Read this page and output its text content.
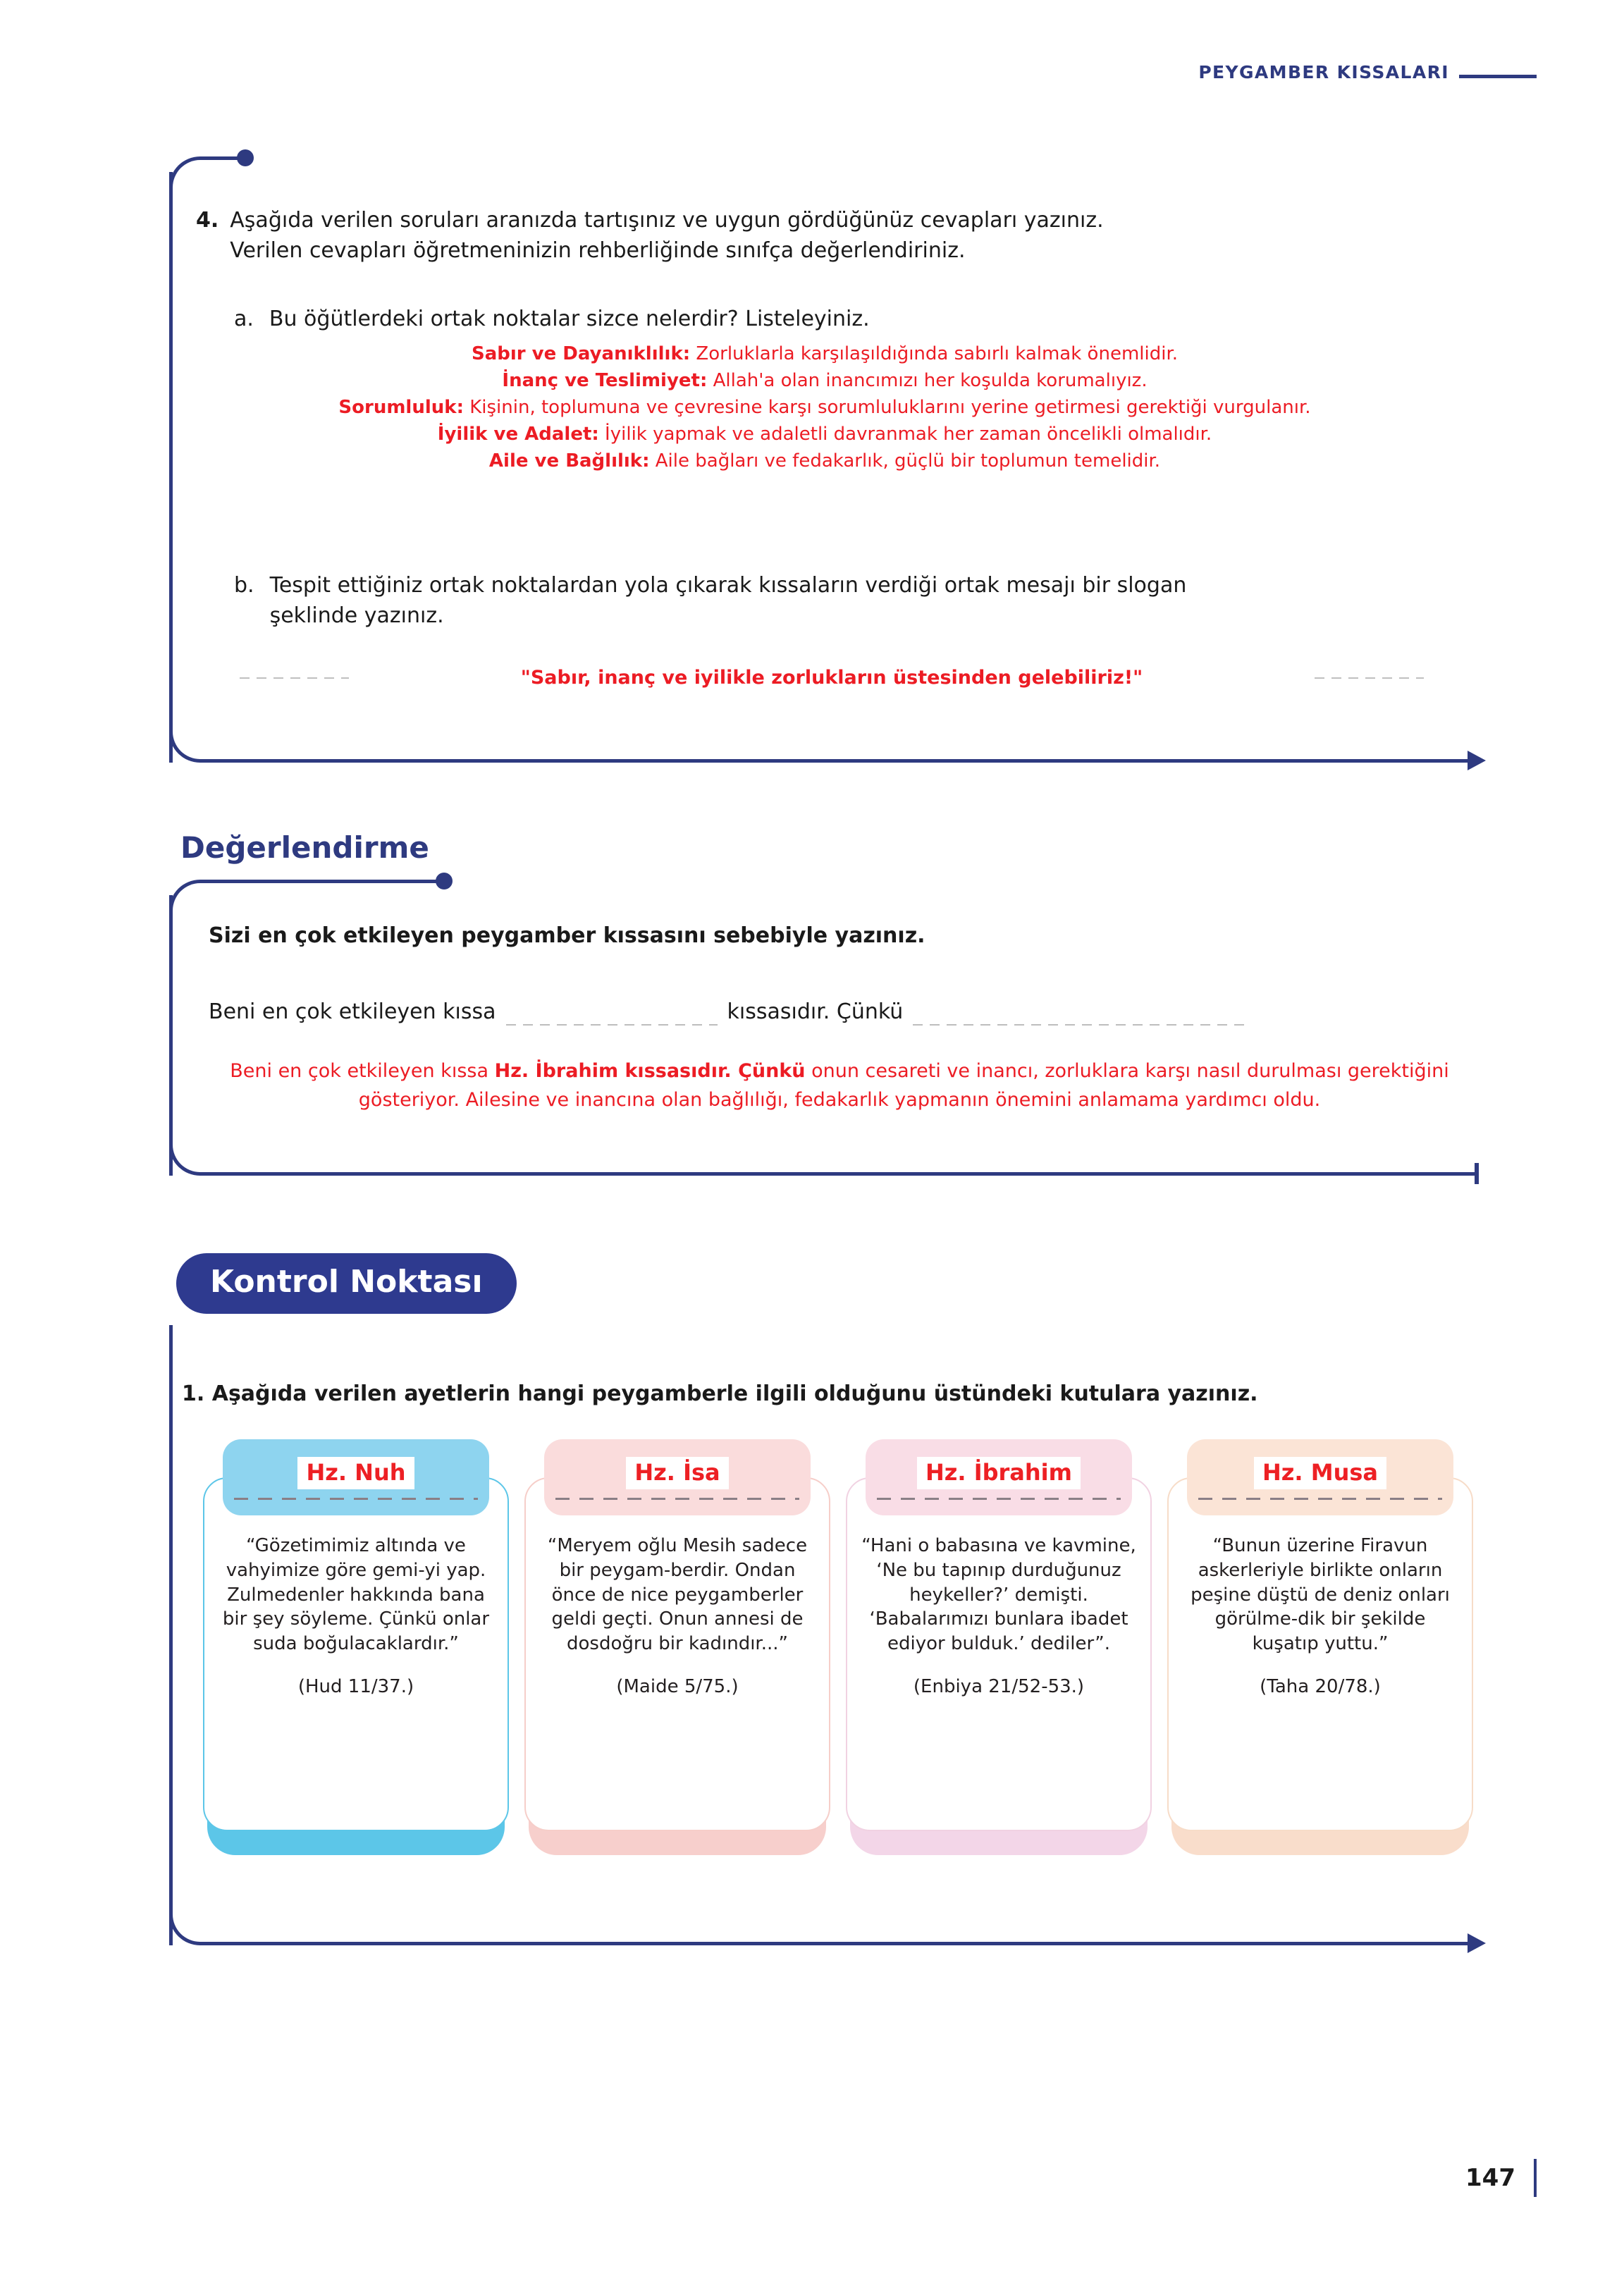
PEYGAMBER KISSALARI
4. Aşağıda verilen soruları aranızda tartışınız ve uygun gördüğünüz cevapları yazınız.
Verilen cevapları öğretmeninizin rehberliğinde sınıfça değerlendiriniz.
a. Bu öğütlerdeki ortak noktalar sizce nelerdir? Listeleyiniz.
Sabır ve Dayanıklılık: Zorluklarla karşılaşıldığında sabırlı kalmak önemlidir.
İnanç ve Teslimiyet: Allah'a olan inancımızı her koşulda korumalıyız.
Sorumluluk: Kişinin, toplumuna ve çevresine karşı sorumluluklarını yerine getirmesi gerektiği vurgulanır.
İyilik ve Adalet: İyilik yapmak ve adaletli davranmak her zaman öncelikli olmalıdır.
Aile ve Bağlılık: Aile bağları ve fedakarlık, güçlü bir toplumun temelidir.
b. Tespit ettiğiniz ortak noktalardan yola çıkarak kıssaların verdiği ortak mesajı bir slogan
şeklinde yazınız.
"Sabır, inanç ve iyilikle zorlukların üstesinden gelebiliriz!"
Değerlendirme
Sizi en çok etkileyen peygamber kıssasını sebebiyle yazınız.
Beni en çok etkileyen kıssa	kıssasıdır. Çünkü
Beni en çok etkileyen kıssa Hz. İbrahim kıssasıdır. Çünkü onun cesareti ve inancı, zorluklara karşı nasıl durulması gerektiğini gösteriyor. Ailesine ve inancına olan bağlılığı, fedakarlık yapmanın önemini anlamama yardımcı oldu.
Kontrol Noktası
1. Aşağıda verilen ayetlerin hangi peygamberle ilgili olduğunu üstündeki kutulara yazınız.
“Gözetimimiz altında ve vahyimize göre gemi-yi yap. Zulmedenler hakkında bana bir şey söyleme. Çünkü onlar suda boğulacaklardır.”
(Hud 11/37.)
Hz. Nuh
“Meryem oğlu Mesih sadece bir peygam-berdir. Ondan önce de nice peygamberler geldi geçti. Onun annesi de dosdoğru bir kadındır...”
(Maide 5/75.)
Hz. İsa
“Hani o babasına ve kavmine, ‘Ne bu tapınıp durduğunuz heykeller?’ demişti. ‘Babalarımızı bunlara ibadet ediyor bulduk.’ dediler”.
(Enbiya 21/52-53.)
Hz. İbrahim
“Bunun üzerine Firavun askerleriyle birlikte onların peşine düştü de deniz onları görülme-dik bir şekilde kuşatıp yuttu.”
(Taha 20/78.)
Hz. Musa
147
